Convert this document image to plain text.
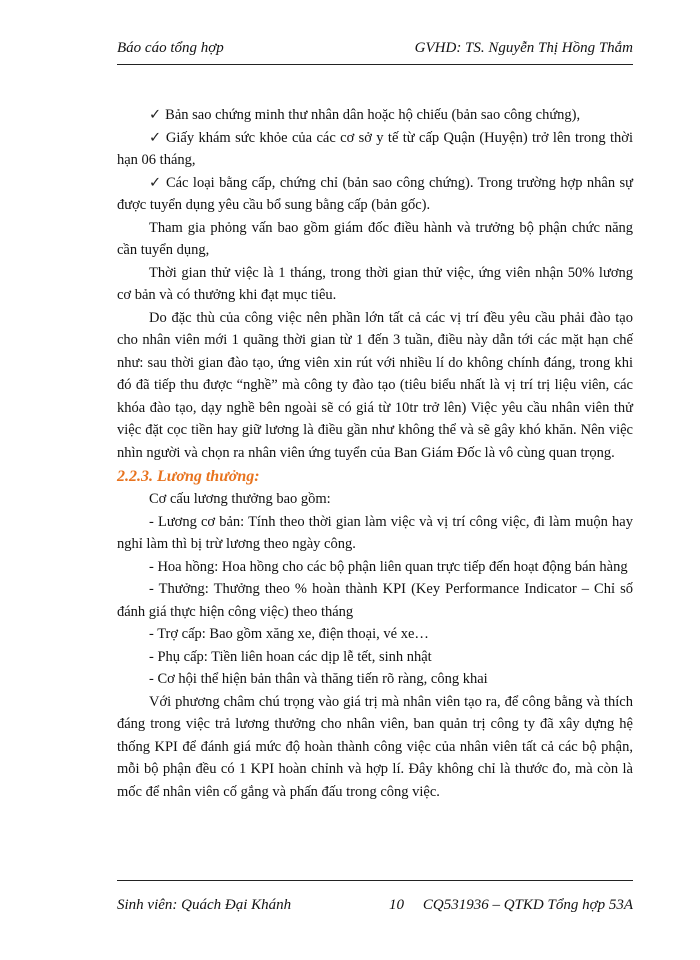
Báo cáo tổng hợp	GVHD: TS. Nguyễn Thị Hồng Thắm

✓ Bản sao chứng minh thư nhân dân hoặc hộ chiếu (bản sao công chứng),

✓ Giấy khám sức khỏe của các cơ sở y tế từ cấp Quận (Huyện) trở lên trong thời hạn 06 tháng,

✓ Các loại bằng cấp, chứng chỉ (bản sao công chứng). Trong trường hợp nhân sự được tuyển dụng yêu cầu bổ sung bằng cấp (bản gốc).

Tham gia phỏng vấn bao gồm giám đốc điều hành và trưởng bộ phận chức năng cần tuyển dụng,

Thời gian thử việc là 1 tháng, trong thời gian thử việc, ứng viên nhận 50% lương cơ bản và có thưởng khi đạt mục tiêu.

Do đặc thù của công việc nên phần lớn tất cả các vị trí đều yêu cầu phải đào tạo cho nhân viên mới 1 quãng thời gian từ 1 đến 3 tuần, điều này dẫn tới các mặt hạn chế như: sau thời gian đào tạo, ứng viên xin rút với nhiều lí do không chính đáng, trong khi đó đã tiếp thu được “nghề” mà công ty đào tạo (tiêu biểu nhất là vị trí trị liệu viên, các khóa đào tạo, dạy nghề bên ngoài sẽ có giá từ 10tr trở lên) Việc yêu cầu nhân viên thử việc đặt cọc tiền hay giữ lương là điều gần như không thể và sẽ gây khó khăn. Nên việc nhìn người và chọn ra nhân viên ứng tuyển của Ban Giám Đốc là vô cùng quan trọng.

2.2.3. Lương thưởng:

Cơ cấu lương thưởng bao gồm:

- Lương cơ bản: Tính theo thời gian làm việc và vị trí công việc, đi làm muộn hay nghỉ làm thì bị trừ lương theo ngày công.

- Hoa hồng: Hoa hồng cho các bộ phận liên quan trực tiếp đến hoạt động bán hàng

- Thưởng: Thưởng theo % hoàn thành KPI (Key Performance Indicator – Chỉ số đánh giá thực hiện công việc) theo tháng

- Trợ cấp: Bao gồm xăng xe, điện thoại, vé xe…

- Phụ cấp: Tiền liên hoan các dịp lễ tết, sinh nhật

- Cơ hội thể hiện bản thân và thăng tiến rõ ràng, công khai

Với phương châm chú trọng vào giá trị mà nhân viên tạo ra, để công bằng và thích đáng trong việc trả lương thưởng cho nhân viên, ban quản trị công ty đã xây dựng hệ thống KPI để đánh giá mức độ hoàn thành công việc của nhân viên tất cả các bộ phận, mỗi bộ phận đều có 1 KPI hoàn chỉnh và hợp lí. Đây không chỉ là thước đo, mà còn là mốc để nhân viên cố gắng và phấn đấu trong công việc.

Sinh viên: Quách Đại Khánh	10 CQ531936 – QTKD Tổng hợp 53A
